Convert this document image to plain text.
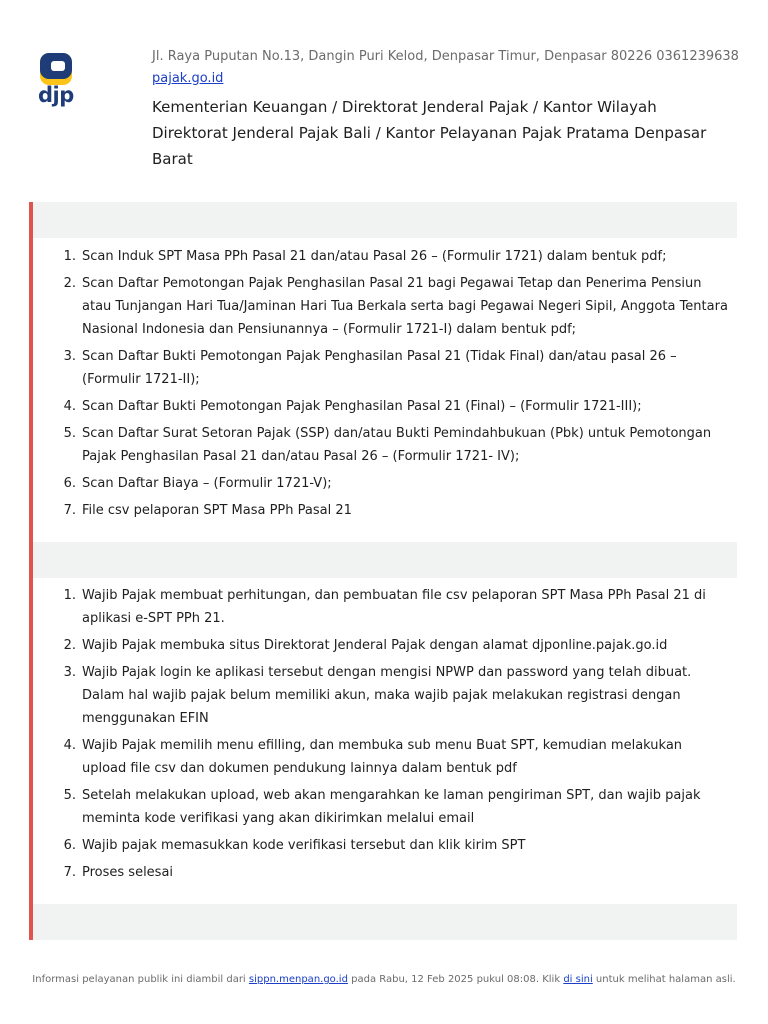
djp
Jl. Raya Puputan No.13, Dangin Puri Kelod, Denpasar Timur, Denpasar 80226 0361239638
pajak.go.id
Kementerian Keuangan / Direktorat Jenderal Pajak / Kantor Wilayah Direktorat Jenderal Pajak Bali / Kantor Pelayanan Pajak Pratama Denpasar Barat
1. Scan Induk SPT Masa PPh Pasal 21 dan/atau Pasal 26 – (Formulir 1721) dalam bentuk pdf;
2. Scan Daftar Pemotongan Pajak Penghasilan Pasal 21 bagi Pegawai Tetap dan Penerima Pensiun atau Tunjangan Hari Tua/Jaminan Hari Tua Berkala serta bagi Pegawai Negeri Sipil, Anggota Tentara Nasional Indonesia dan Pensiunannya – (Formulir 1721-I) dalam bentuk pdf;
3. Scan Daftar Bukti Pemotongan Pajak Penghasilan Pasal 21 (Tidak Final) dan/atau pasal 26 – (Formulir 1721-II);
4. Scan Daftar Bukti Pemotongan Pajak Penghasilan Pasal 21 (Final) – (Formulir 1721-III);
5. Scan Daftar Surat Setoran Pajak (SSP) dan/atau Bukti Pemindahbukuan (Pbk) untuk Pemotongan Pajak Penghasilan Pasal 21 dan/atau Pasal 26 – (Formulir 1721- IV);
6. Scan Daftar Biaya – (Formulir 1721-V);
7. File csv pelaporan SPT Masa PPh Pasal 21
1. Wajib Pajak membuat perhitungan, dan pembuatan file csv pelaporan SPT Masa PPh Pasal 21 di aplikasi e-SPT PPh 21.
2. Wajib Pajak membuka situs Direktorat Jenderal Pajak dengan alamat djponline.pajak.go.id
3. Wajib Pajak login ke aplikasi tersebut dengan mengisi NPWP dan password yang telah dibuat. Dalam hal wajib pajak belum memiliki akun, maka wajib pajak melakukan registrasi dengan menggunakan EFIN
4. Wajib Pajak memilih menu efilling, dan membuka sub menu Buat SPT, kemudian melakukan upload file csv dan dokumen pendukung lainnya dalam bentuk pdf
5. Setelah melakukan upload, web akan mengarahkan ke laman pengiriman SPT, dan wajib pajak meminta kode verifikasi yang akan dikirimkan melalui email
6. Wajib pajak memasukkan kode verifikasi tersebut dan klik kirim SPT
7. Proses selesai
Informasi pelayanan publik ini diambil dari sippn.menpan.go.id pada Rabu, 12 Feb 2025 pukul 08:08. Klik di sini untuk melihat halaman asli.
